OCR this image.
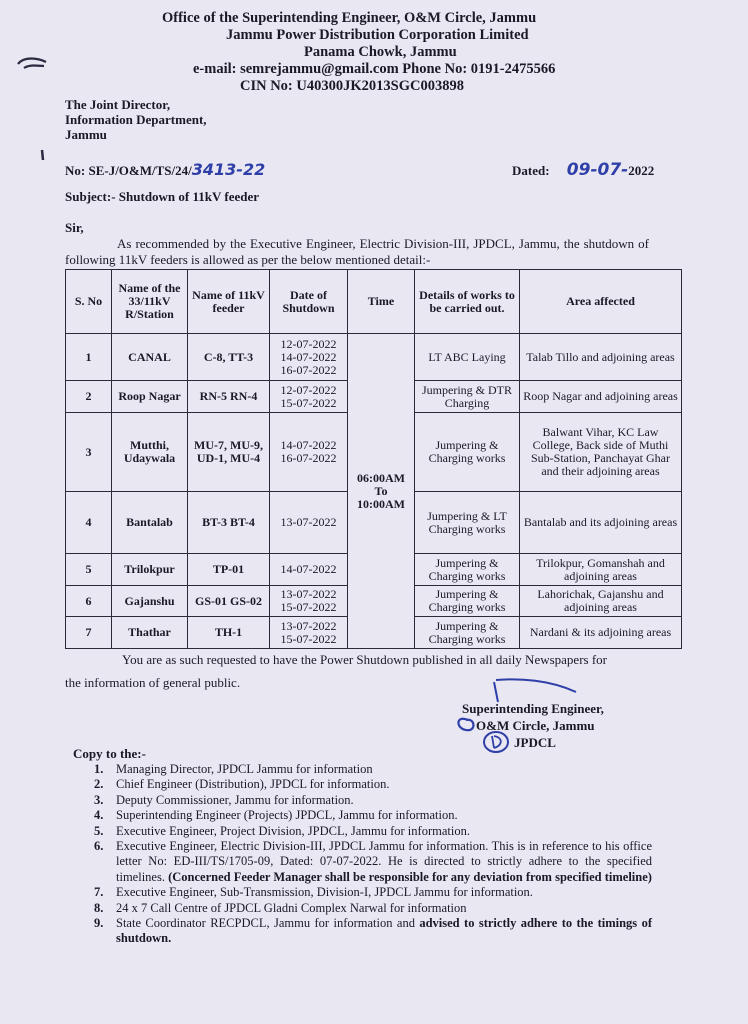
Office of the Superintending Engineer, O&M Circle, Jammu
Jammu Power Distribution Corporation Limited
Panama Chowk, Jammu
e-mail: semrejammu@gmail.com Phone No: 0191-2475566
CIN No: U40300JK2013SGC003898
The Joint Director,
Information Department,
Jammu
No: SE-J/O&M/TS/24/3413-22	Dated: 09-07-2022
Subject:- Shutdown of 11kV feeder
Sir,
As recommended by the Executive Engineer, Electric Division-III, JPDCL, Jammu, the shutdown of following 11kV feeders is allowed as per the below mentioned detail:-
S. No	Name of the 33/11kV R/Station	Name of 11kV feeder	Date of Shutdown	Time	Details of works to be carried out.	Area affected
1	CANAL	C-8, TT-3	12-07-2022
14-07-2022
16-07-2022	06:00AM To 10:00AM	LT ABC Laying	Talab Tillo and adjoining areas
2	Roop Nagar	RN-5 RN-4	12-07-2022
15-07-2022		Jumpering & DTR Charging	Roop Nagar and adjoining areas
3	Mutthi, Udaywala	MU-7, MU-9, UD-1, MU-4	14-07-2022
16-07-2022		Jumpering & Charging works	Balwant Vihar, KC Law College, Back side of Muthi Sub-Station, Panchayat Ghar and their adjoining areas
4	Bantalab	BT-3 BT-4	13-07-2022		Jumpering & LT Charging works	Bantalab and its adjoining areas
5	Trilokpur	TP-01	14-07-2022		Jumpering & Charging works	Trilokpur, Gomanshah and adjoining areas
6	Gajanshu	GS-01 GS-02	13-07-2022
15-07-2022		Jumpering & Charging works	Lahorichak, Gajanshu and adjoining areas
7	Thathar	TH-1	13-07-2022
15-07-2022		Jumpering & Charging works	Nardani & its adjoining areas
You are as such requested to have the Power Shutdown published in all daily Newspapers for
the information of general public.
Superintending Engineer,
O&M Circle, Jammu
JPDCL
Copy to the:-
1. Managing Director, JPDCL Jammu for information
2. Chief Engineer (Distribution), JPDCL for information.
3. Deputy Commissioner, Jammu for information.
4. Superintending Engineer (Projects) JPDCL, Jammu for information.
5. Executive Engineer, Project Division, JPDCL, Jammu for information.
6. Executive Engineer, Electric Division-III, JPDCL Jammu for information. This is in reference to his office letter No: ED-III/TS/1705-09, Dated: 07-07-2022. He is directed to strictly adhere to the specified timelines. (Concerned Feeder Manager shall be responsible for any deviation from specified timeline)
7. Executive Engineer, Sub-Transmission, Division-I, JPDCL Jammu for information.
8. 24 x 7 Call Centre of JPDCL Gladni Complex Narwal for information
9. State Coordinator RECPDCL, Jammu for information and advised to strictly adhere to the timings of shutdown.
